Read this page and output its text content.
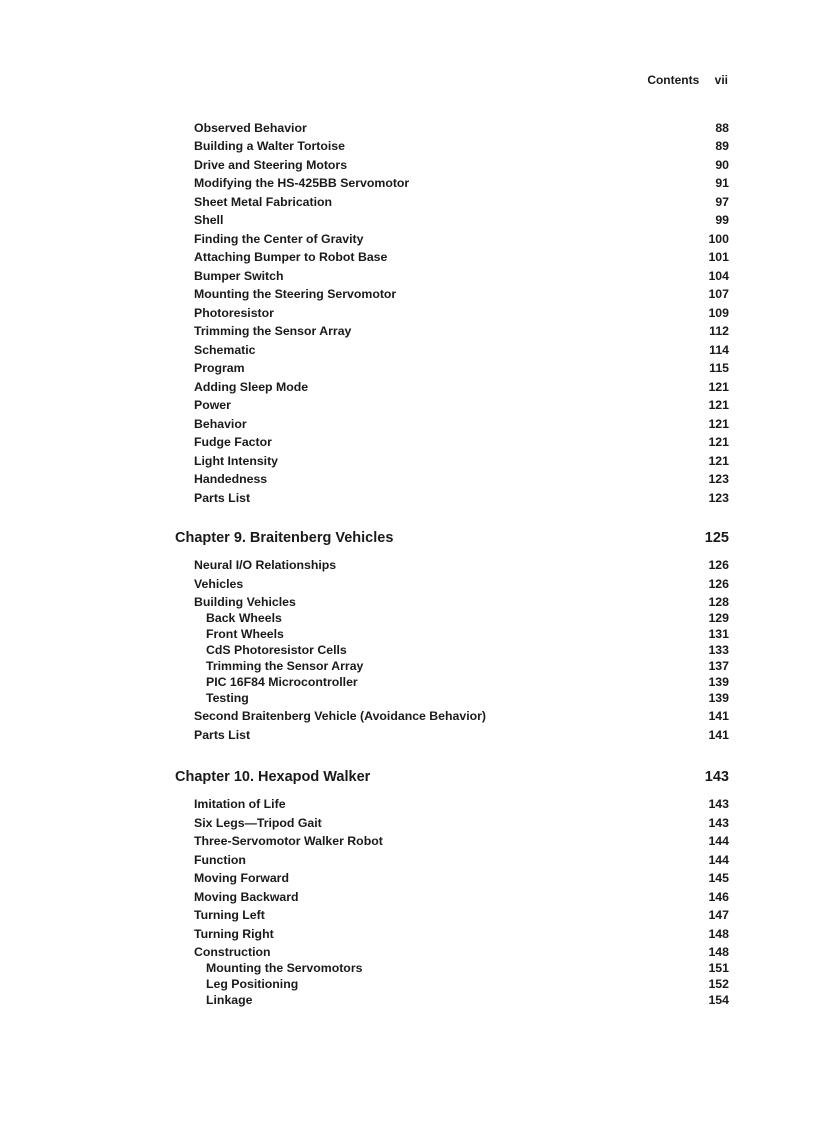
Contents vii
Observed Behavior	88
Building a Walter Tortoise	89
Drive and Steering Motors	90
Modifying the HS-425BB Servomotor	91
Sheet Metal Fabrication	97
Shell	99
Finding the Center of Gravity	100
Attaching Bumper to Robot Base	101
Bumper Switch	104
Mounting the Steering Servomotor	107
Photoresistor	109
Trimming the Sensor Array	112
Schematic	114
Program	115
Adding Sleep Mode	121
Power	121
Behavior	121
Fudge Factor	121
Light Intensity	121
Handedness	123
Parts List	123
Chapter 9. Braitenberg Vehicles	125
Neural I/O Relationships	126
Vehicles	126
Building Vehicles	128
Back Wheels	129
Front Wheels	131
CdS Photoresistor Cells	133
Trimming the Sensor Array	137
PIC 16F84 Microcontroller	139
Testing	139
Second Braitenberg Vehicle (Avoidance Behavior)	141
Parts List	141
Chapter 10. Hexapod Walker	143
Imitation of Life	143
Six Legs—Tripod Gait	143
Three-Servomotor Walker Robot	144
Function	144
Moving Forward	145
Moving Backward	146
Turning Left	147
Turning Right	148
Construction	148
Mounting the Servomotors	151
Leg Positioning	152
Linkage	154
